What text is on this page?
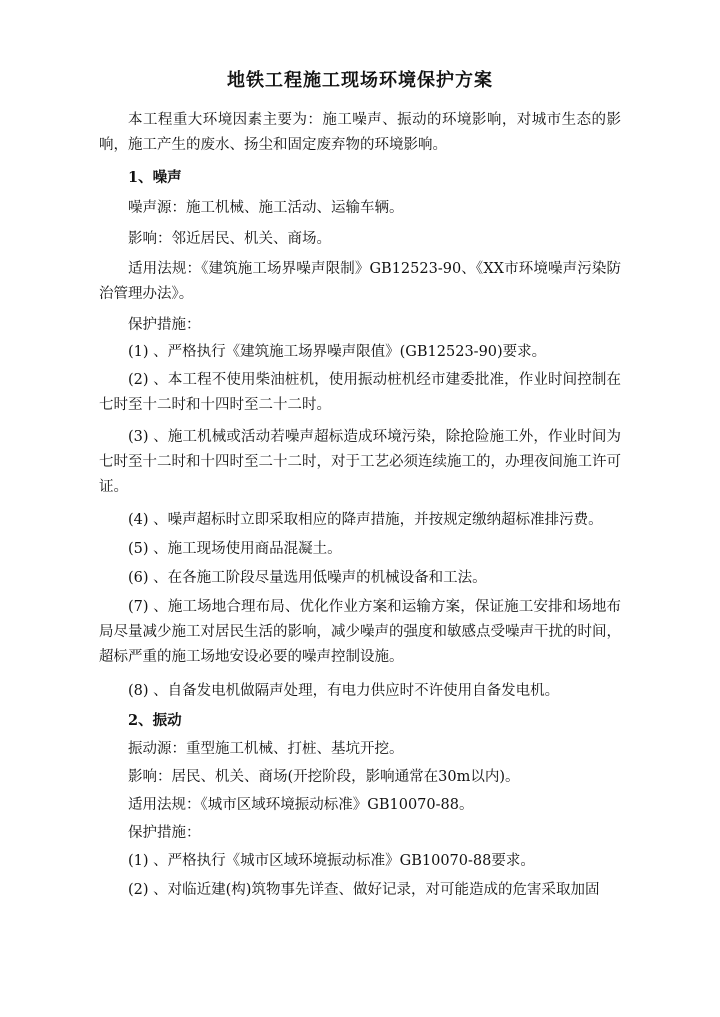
地铁工程施工现场环境保护方案
本工程重大环境因素主要为：施工噪声、振动的环境影响，对城市生态的影响，施工产生的废水、扬尘和固定废弃物的环境影响。
1、噪声
噪声源：施工机械、施工活动、运输车辆。
影响：邻近居民、机关、商场。
适用法规：《建筑施工场界噪声限制》GB12523-90、《XX市环境噪声污染防治管理办法》。
保护措施：
(1) 、严格执行《建筑施工场界噪声限值》(GB12523-90)要求。
(2) 、本工程不使用柴油桩机，使用振动桩机经市建委批准，作业时间控制在七时至十二时和十四时至二十二时。
(3) 、施工机械或活动若噪声超标造成环境污染，除抢险施工外，作业时间为七时至十二时和十四时至二十二时，对于工艺必须连续施工的，办理夜间施工许可证。
(4) 、噪声超标时立即采取相应的降声措施，并按规定缴纳超标准排污费。
(5) 、施工现场使用商品混凝土。
(6) 、在各施工阶段尽量选用低噪声的机械设备和工法。
(7) 、施工场地合理布局、优化作业方案和运输方案，保证施工安排和场地布局尽量减少施工对居民生活的影响，减少噪声的强度和敏感点受噪声干扰的时间，超标严重的施工场地安设必要的噪声控制设施。
(8) 、自备发电机做隔声处理，有电力供应时不许使用自备发电机。
2、振动
振动源：重型施工机械、打桩、基坑开挖。
影响：居民、机关、商场(开挖阶段，影响通常在30m以内)。
适用法规：《城市区域环境振动标准》GB10070-88。
保护措施：
(1) 、严格执行《城市区域环境振动标准》GB10070-88要求。
(2) 、对临近建(构)筑物事先详查、做好记录，对可能造成的危害采取加固
